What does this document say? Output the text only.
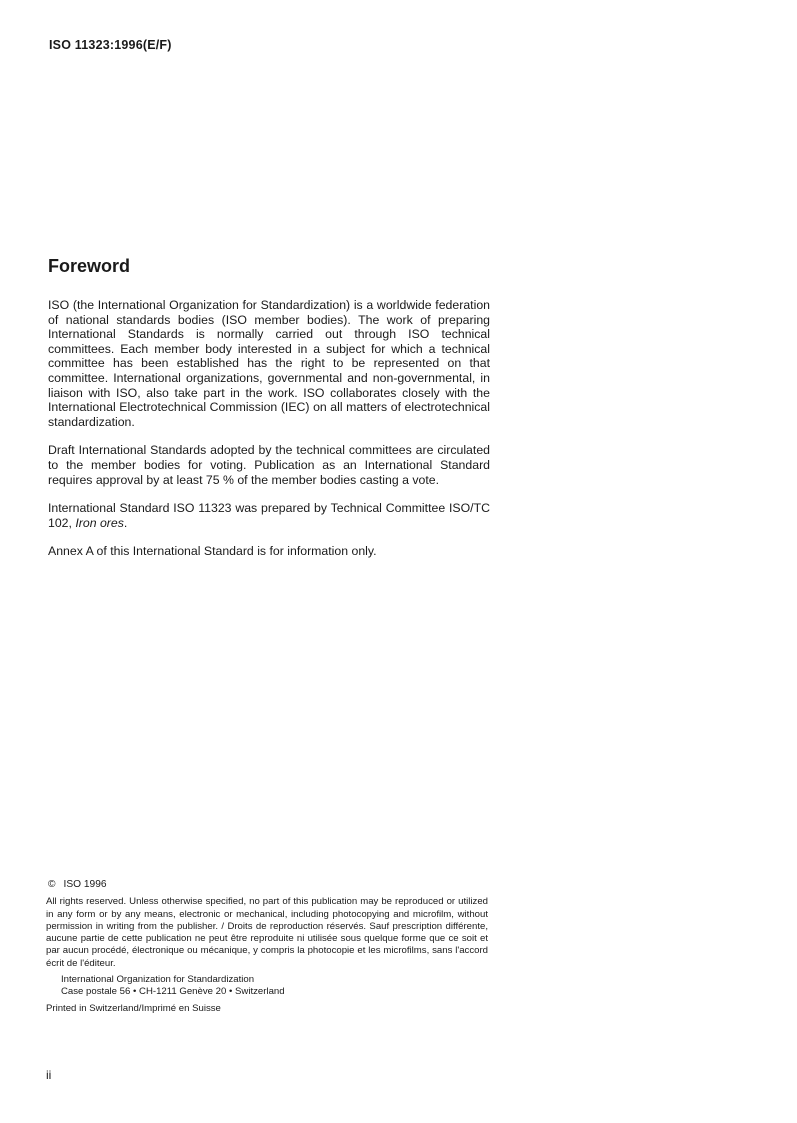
ISO 11323:1996(E/F)
Foreword

ISO (the International Organization for Standardization) is a worldwide federation of national standards bodies (ISO member bodies). The work of preparing International Standards is normally carried out through ISO technical committees. Each member body interested in a subject for which a technical committee has been established has the right to be represented on that committee. International organizations, governmental and non-governmental, in liaison with ISO, also take part in the work. ISO collaborates closely with the International Electrotechnical Commission (IEC) on all matters of electrotechnical standardization.

Draft International Standards adopted by the technical committees are circulated to the member bodies for voting. Publication as an International Standard requires approval by at least 75 % of the member bodies casting a vote.

International Standard ISO 11323 was prepared by Technical Committee ISO/TC 102, Iron ores.

Annex A of this International Standard is for information only.

© ISO 1996

All rights reserved. Unless otherwise specified, no part of this publication may be reproduced or utilized in any form or by any means, electronic or mechanical, including photocopying and microfilm, without permission in writing from the publisher. / Droits de reproduction réservés. Sauf prescription différente, aucune partie de cette publication ne peut être reproduite ni utilisée sous quelque forme que ce soit et par aucun procédé, électronique ou mécanique, y compris la photocopie et les microfilms, sans l'accord écrit de l'éditeur.

International Organization for Standardization
Case postale 56 • CH-1211 Genève 20 • Switzerland
Printed in Switzerland/Imprimé en Suisse
ii
